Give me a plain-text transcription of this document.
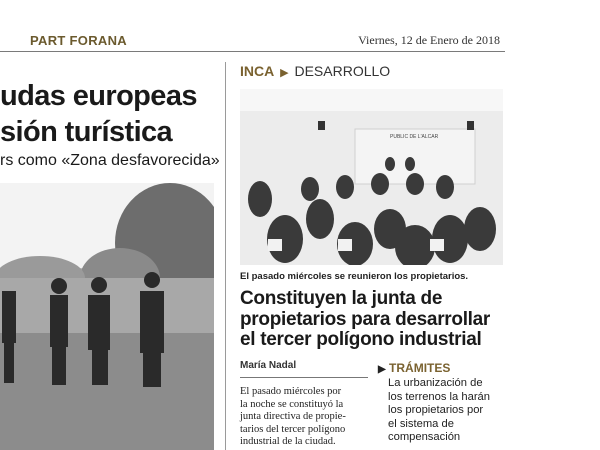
PART FORANA	Viernes, 12 de Enero de 2018
udas europeas
sión turística
rs como «Zona desfavorecida»
INCA ▶ DESARROLLO
PUBLIC DE L'ALCAR
El pasado miércoles se reunieron los propietarios.
Constituyen la junta de
propietarios para desarrollar
el tercer polígono industrial
María Nadal
El pasado miércoles por
la noche se constituyó la
junta directiva de propie-
tarios del tercer polígono
industrial de la ciudad.
▶ TRÁMITES
La urbanización de
los terrenos la harán
los propietarios por
el sistema de
compensación
